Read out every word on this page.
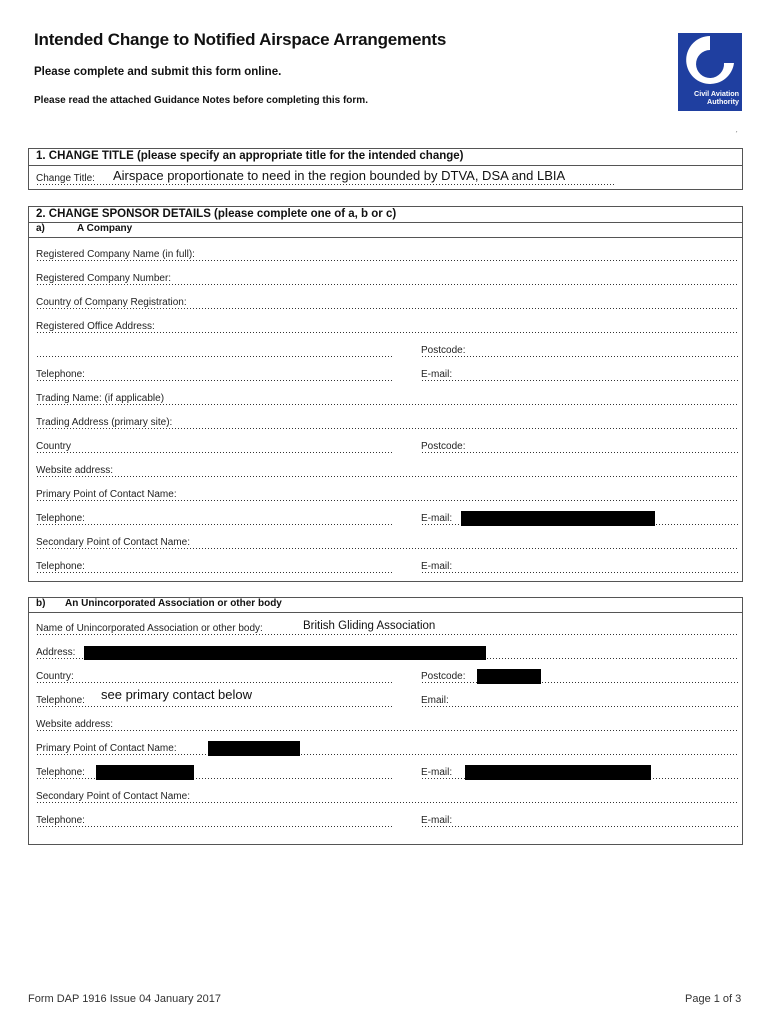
Intended Change to Notified Airspace Arrangements
Please complete and submit this form online.
Please read the attached Guidance Notes before completing this form.
Civil Aviation
Authority
ˏ
1. CHANGE TITLE (please specify an appropriate title for the intended change)
Change Title: Airspace proportionate to need in the region bounded by DTVA, DSA and LBIA
2. CHANGE SPONSOR DETAILS (please complete one of a, b or c)
a)	A Company
Registered Company Name (in full):
Registered Company Number:
Country of Company Registration:
Registered Office Address:
Postcode:
Telephone:	E-mail:
Trading Name: (if applicable)
Trading Address (primary site):
Country	Postcode:
Website address:
Primary Point of Contact Name:
Telephone:	E-mail:
Secondary Point of Contact Name:
Telephone:	E-mail:
b) An Unincorporated Association or other body
Name of Unincorporated Association or other body:	British Gliding Association
Address:
Country:	Postcode:
Telephone: see primary contact below	Email:
Website address:
Primary Point of Contact Name:
Telephone:	E-mail:
Secondary Point of Contact Name:
Telephone:	E-mail:
Form DAP 1916 Issue 04 January 2017	Page 1 of 3
